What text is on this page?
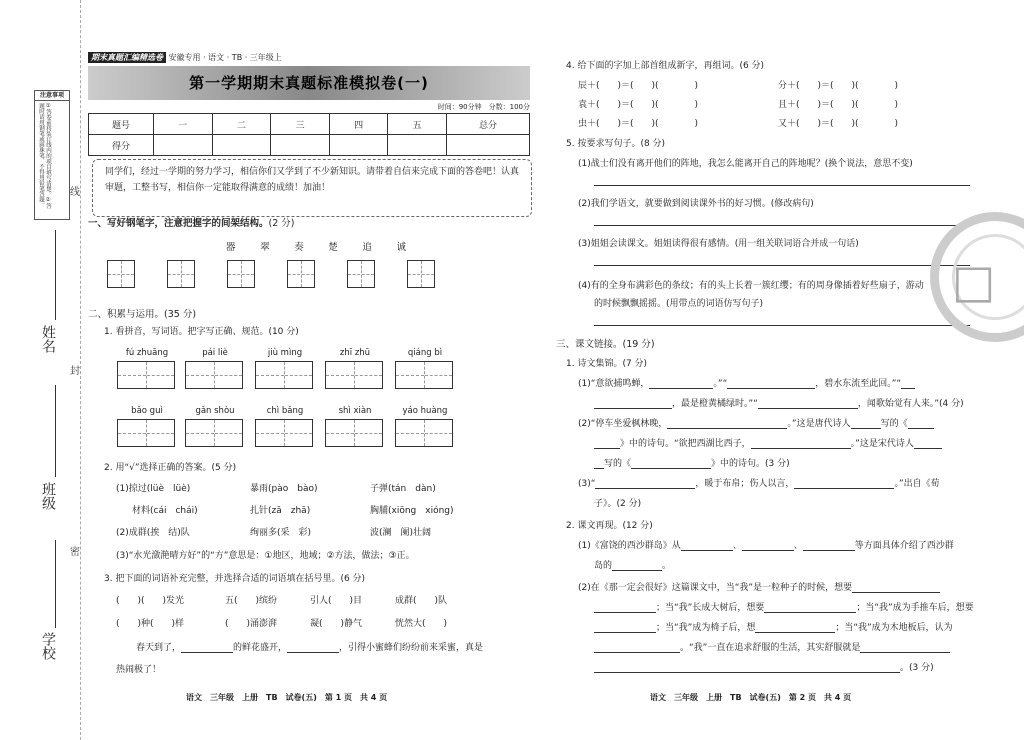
注意事项
①答卷前将装订线内的项目填写清楚。②答题时请用钢笔或圆珠笔，不得用铅笔答题。
姓名
班级
学校
线
封
密
期末真题汇编精选卷 安徽专用 · 语文 · TB · 三年级上
第一学期期末真题标准模拟卷(一)
时间：90分钟　分数：100分
题号	一	二	三	四	五	总分
得分						
同学们，经过一学期的努力学习，相信你们又学到了不少新知识。请带着自信来完成下面的答卷吧！认真审题，工整书写，相信你一定能取得满意的成绩！加油！
一、写好钢笔字，注意把握字的间架结构。(2 分)
器	翠	奏	楚	追	诚
二、积累与运用。(35 分)
1. 看拼音，写词语。把字写正确、规范。(10 分)
fú zhuāng	pái liè	jiù mìng	zhī zhū	qiáng bì
bǎo guì	gǎn shòu	chì bǎng	shì xiàn	yáo huàng
2. 用“√”选择正确的答案。(5 分)
(1)掠过(lüè　lüè)	暴雨(pào　bào)	子弹(tán　dàn)
材料(cái　chái)	扎针(zā　zhā)	胸脯(xiōng　xióng)
(2)成群(挨　结)队	绚丽多(采　彩)	波(澜　阑)壮阔
(3)“水光潋滟晴方好”的“方”意思是：①地区，地域；②方法，做法；③正。
3. 把下面的词语补充完整，并选择合适的词语填在括号里。(6 分)
(　　)(　　)发光	五(　　)缤纷	引人(　　)目	成群(　　)队
(　　)种(　　)样	(　　)涌澎湃	凝(　　)静气	恍然大(　　)
春天到了，	的鲜花盛开，	，引得小蜜蜂们纷纷前来采蜜，真是
热闹极了！
语文　三年级　上册　TB　试卷(五)　第 1 页　共 4 页
4. 给下面的字加上部首组成新字，再组词。(6 分)
辰＋(　　)＝(　　)(　　　　)	分＋(　　)＝(　　)(　　　　)
袁＋(　　)＝(　　)(　　　　)	且＋(　　)＝(　　)(　　　　)
虫＋(　　)＝(　　)(　　　　)	又＋(　　)＝(　　)(　　　　)
5. 按要求写句子。(8 分)
(1)战士们没有离开他们的阵地，我怎么能离开自己的阵地呢？(换个说法，意思不变)
(2)我们学语文，就要做到阅读课外书的好习惯。(修改病句)
(3)姐姐会读课文。姐姐读得很有感情。(用一组关联词语合并成一句话)
(4)有的全身布满彩色的条纹；有的头上长着一簇红缨；有的周身像插着好些扇子，游动
的时候飘飘摇摇。(用带点的词语仿写句子)
三、课文链接。(19 分)
1. 诗文集锦。(7 分)
(1)“意欲捕鸣蝉，	。”“	，碧水东流至此回。”“
，最是橙黄橘绿时。”“	，闻歌始觉有人来。”(4 分)
(2)“停车坐爱枫林晚，	。”这是唐代诗人	写的《
》中的诗句。“欲把西湖比西子，	。”这是宋代诗人
写的《	》中的诗句。(3 分)
(3)“	，暖于布帛；伤人以言，	。”出自《荀
子》。(2 分)
2. 课文再现。(12 分)
(1)《富饶的西沙群岛》从	、	、	等方面具体介绍了西沙群
岛的	。
(2)在《那一定会很好》这篇课文中，当“我”是一粒种子的时候，想要
；当“我”长成大树后，想要	；当“我”成为手推车后，想要
；当“我”成为椅子后，想	；当“我”成为木地板后，认为
。“我”一直在追求舒服的生活，其实舒服就是
。(3 分)
语文　三年级　上册　TB　试卷(五)　第 2 页　共 4 页
□
